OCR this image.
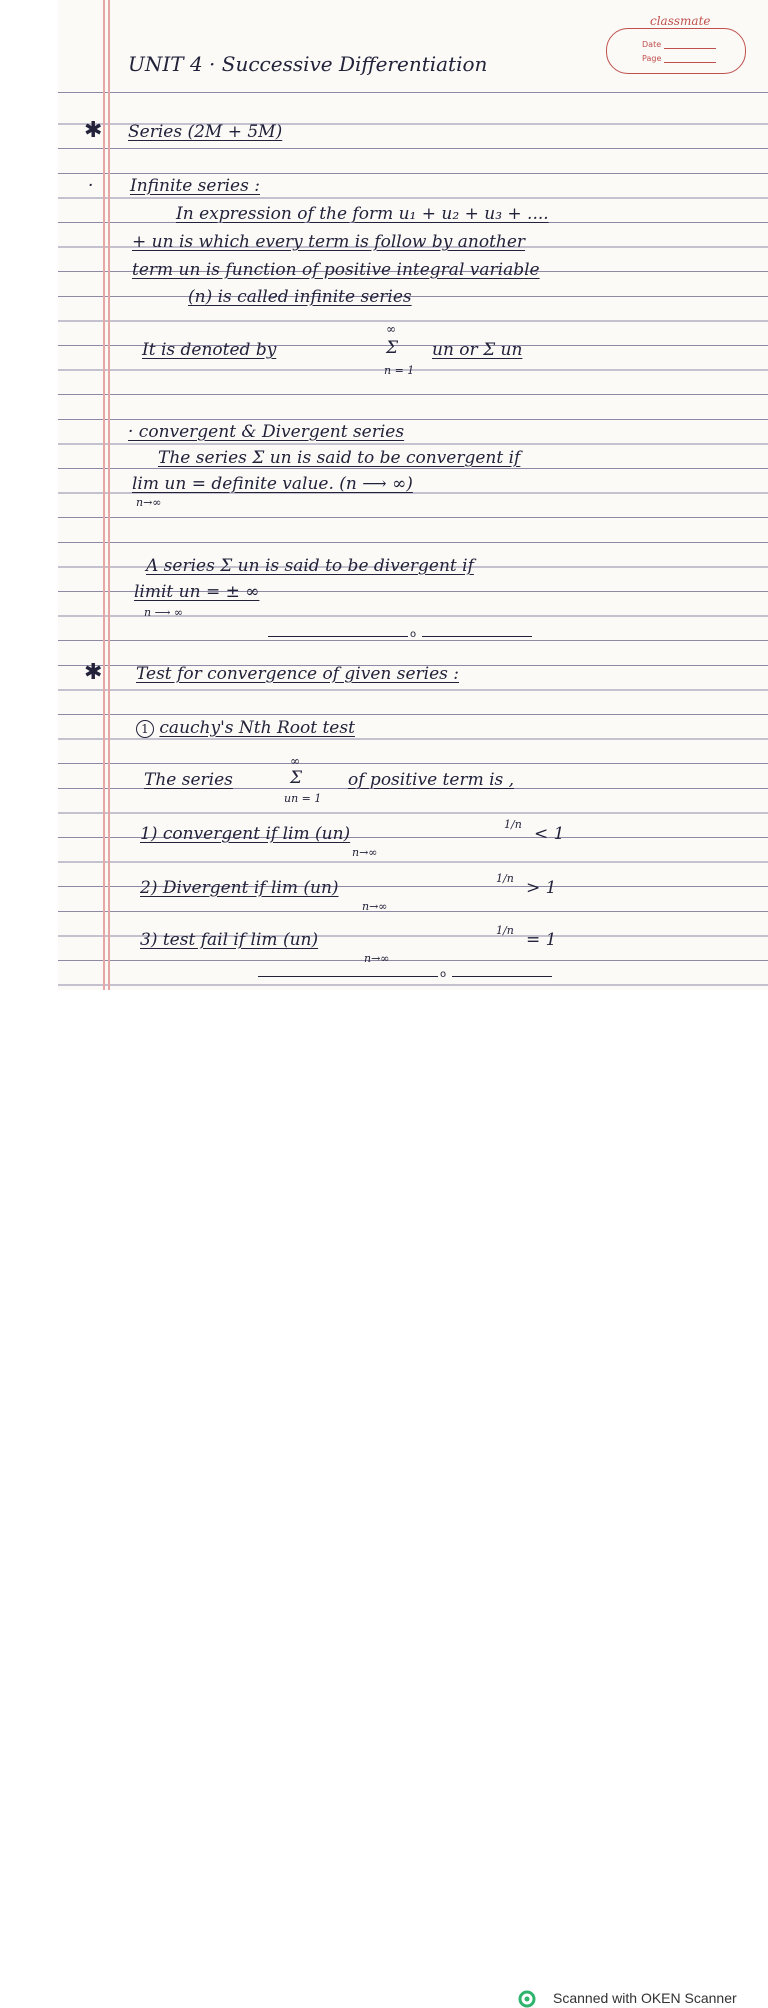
classmate
Date
Page
UNIT 4 · Successive Differentiation
✱ Series (2M + 5M)
· Infinite series :
In expression of the form u₁ + u₂ + u₃ + ....
+ un is which every term is follow by another
term un is function of positive integral variable
(n) is called infinite series
It is denoted by
∞
Σ
n = 1
un or Σ un
· convergent & Divergent series
The series Σ un is said to be convergent if
lim un = definite value. (n ⟶ ∞)
n→∞
A series Σ un is said to be divergent if
limit un = ± ∞
n ⟶ ∞
o
✱ Test for convergence of given series :
1 cauchy's Nth Root test
The series
∞
Σ
un = 1
of positive term is ,
1) convergent if lim (un)	1/n < 1
n→∞
2) Divergent if lim (un)	1/n > 1
n→∞
3) test fail if lim (un)	1/n = 1
n→∞
o
Scanned with OKEN Scanner
